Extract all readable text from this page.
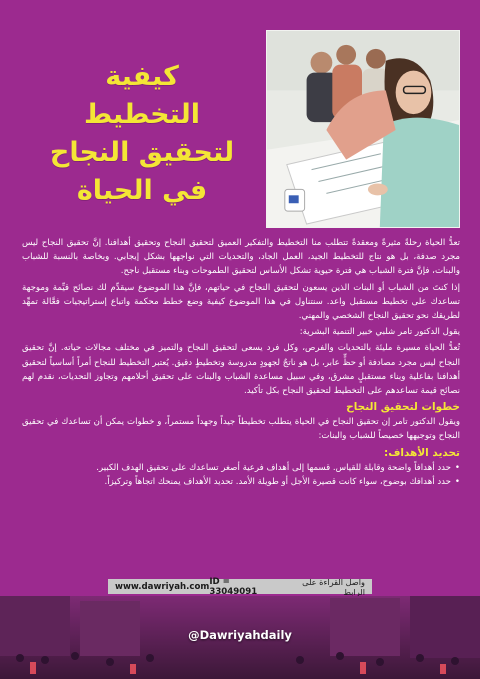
كيفية
التخطيط
لتحقيق النجاح
في الحياة

تعدُّ الحياة رحلةً مثيرةً ومعقدةً تتطلب منا التخطيط والتفكير العميق لتحقيق النجاح وتحقيق أهدافنا. إنَّ تحقيق النجاح ليس مجرد صدفة، بل هو نتاج للتخطيط الجيد، العمل الجاد، والتحديات التي نواجهها بشكل إيجابي. وبخاصة بالنسبة للشباب والبنات، فإنَّ فترة الشباب هي فترة حيوية تشكل الأساس لتحقيق الطموحات وبناء مستقبل ناجح.

إذا كنتَ من الشباب أو البنات الذين يسعون لتحقيق النجاح في حياتهم، فإنَّ هذا الموضوع سيقدِّم لك نصائح قيِّمة وموجهة تساعدك على تخطيط مستقبل واعد. سنتناول في هذا الموضوع كيفية وضع خطط محكمة واتباع إستراتيجيات فعَّالة تمهِّد لطريقك نحو تحقيق النجاح الشخصي والمهني.

يقول الدكتور تامر شلبي خبير التنمية البشرية:

تُعدُّ الحياة مسيرة مليئة بالتحديات والفرص، وكل فرد يسعى لتحقيق النجاح والتميز في مختلف مجالات حياته. إنَّ تحقيق النجاح ليس مجرد مصادفة أو حظٍّ عابر، بل هو ناتجٌ لجهودٍ مدروسة وتخطيطٍ دقيق. يُعتبر التخطيط للنجاح أمراً أساسياً لتحقيق أهدافنا بفاعلية وبناء مستقبلٍ مشرق، وفي سبيل مساعدة الشباب والبنات على تحقيق أحلامهم وتجاوز التحديات، نقدم لهم نصائح قيمة تساعدهم على التخطيط لتحقيق النجاح بكل تأكيد.

خطوات لتحقيق النجاح

ويقول الدكتور تامر إن تحقيق النجاح في الحياة يتطلب تخطيطاً جيداً وجهداً مستمراً، و خطوات يمكن أن تساعدك في تحقيق النجاح وتوجيهها خصيصاً للشباب والبنات:

تحديد الأهداف:
• حدد أهدافاً واضحة وقابلة للقياس. قسمها إلى أهداف فرعية أصغر تساعدك على تحقيق الهدف الكبير.
• حدد أهدافك بوضوح، سواء كانت قصيرة الأجل أو طويلة الأمد. تحديد الأهداف يمنحك اتجاهاً وتركيزاً.
www.dawriyah.com ID = 33049091
واصل القراءة على الرابط
@Dawriyahdaily
